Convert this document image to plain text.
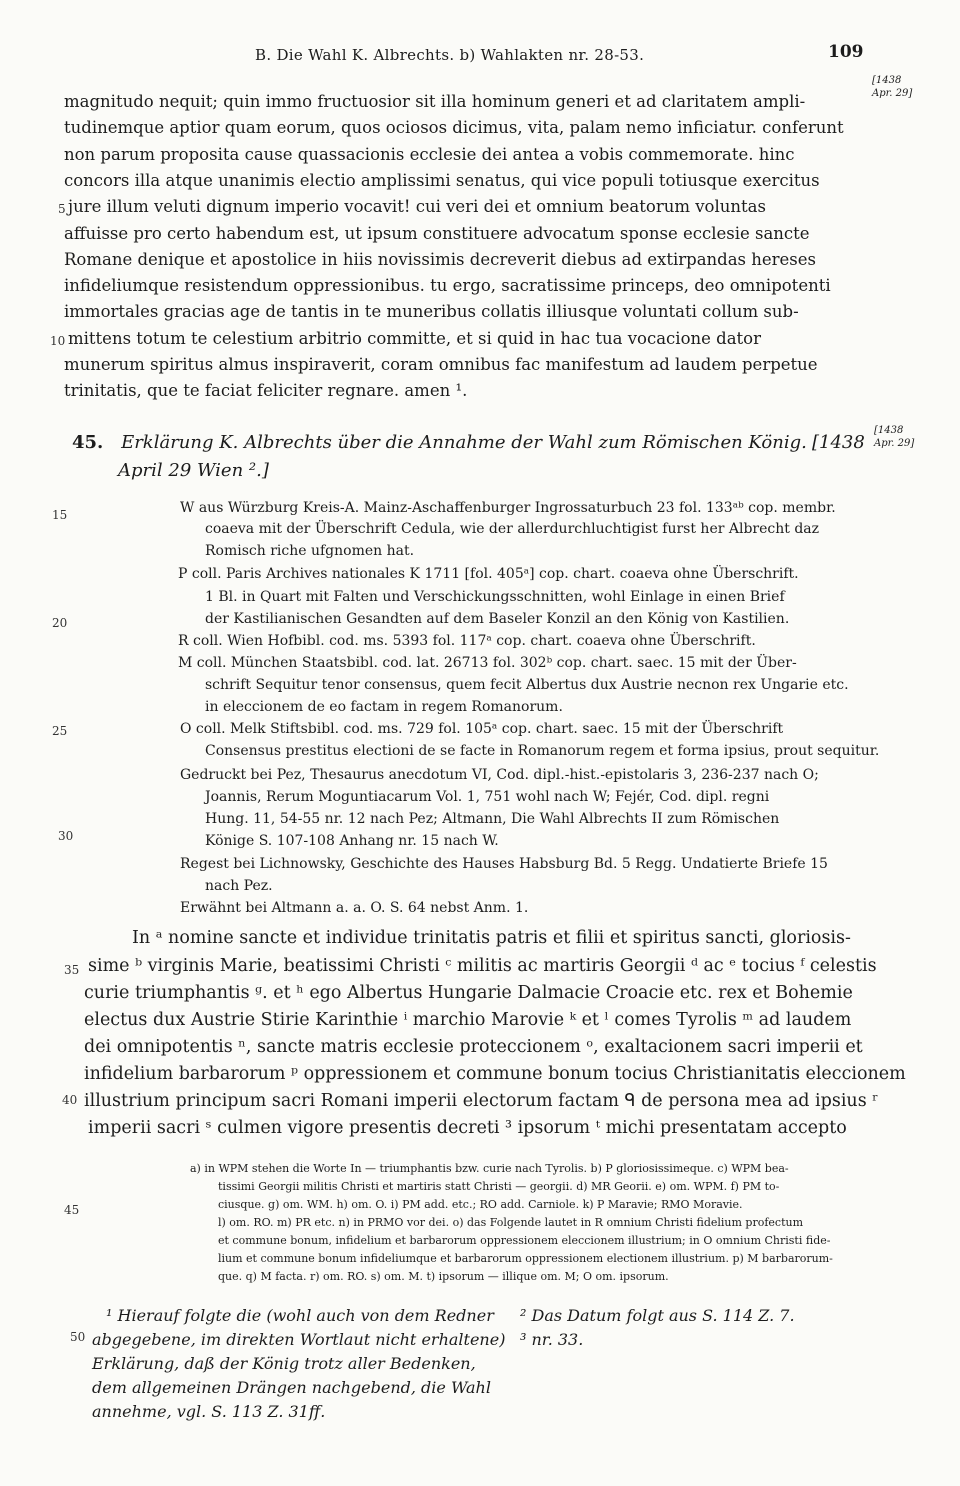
B. Die Wahl K. Albrechts. b) Wahlakten nr. 28-53.	109
[1438
Apr. 29]
magnitudo nequit; quin immo fructuosior sit illa hominum generi et ad claritatem ampli-
tudinemque aptior quam eorum, quos ociosos dicimus, vita, palam nemo inficiatur. conferunt
non parum proposita cause quassacionis ecclesie dei antea a vobis commemorate. hinc
concors illa atque unanimis electio amplissimi senatus, qui vice populi totiusque exercitus
jure illum veluti dignum imperio vocavit! cui veri dei et omnium beatorum voluntas
affuisse pro certo habendum est, ut ipsum constituere advocatum sponse ecclesie sancte
Romane denique et apostolice in hiis novissimis decreverit diebus ad extirpandas hereses
infideliumque resistendum oppressionibus. tu ergo, sacratissime princeps, deo omnipotenti
immortales gracias age de tantis in te muneribus collatis illiusque voluntati collum sub-
mittens totum te celestium arbitrio committe, et si quid in hac tua vocacione dator
munerum spiritus almus inspiraverit, coram omnibus fac manifestum ad laudem perpetue
trinitatis, que te faciat feliciter regnare. amen ¹.
5
10
15
20
25
30
35
40
45
50
45. Erklärung K. Albrechts über die Annahme der Wahl zum Römischen König. [1438
[1438
Apr. 29]
April 29 Wien ².]
W aus Würzburg Kreis-A. Mainz-Aschaffenburger Ingrossaturbuch 23 fol. 133ᵃᵇ cop. membr.
coaeva mit der Überschrift Cedula, wie der allerdurchluchtigist furst her Albrecht daz
Romisch riche ufgnomen hat.
P coll. Paris Archives nationales K 1711 [fol. 405ᵃ] cop. chart. coaeva ohne Überschrift.
1 Bl. in Quart mit Falten und Verschickungsschnitten, wohl Einlage in einen Brief
der Kastilianischen Gesandten auf dem Baseler Konzil an den König von Kastilien.
R coll. Wien Hofbibl. cod. ms. 5393 fol. 117ᵃ cop. chart. coaeva ohne Überschrift.
M coll. München Staatsbibl. cod. lat. 26713 fol. 302ᵇ cop. chart. saec. 15 mit der Über-
schrift Sequitur tenor consensus, quem fecit Albertus dux Austrie necnon rex Ungarie etc.
in eleccionem de eo factam in regem Romanorum.
O coll. Melk Stiftsbibl. cod. ms. 729 fol. 105ᵃ cop. chart. saec. 15 mit der Überschrift
Consensus prestitus electioni de se facte in Romanorum regem et forma ipsius, prout sequitur.
Gedruckt bei Pez, Thesaurus anecdotum VI, Cod. dipl.-hist.-epistolaris 3, 236-237 nach O;
Joannis, Rerum Moguntiacarum Vol. 1, 751 wohl nach W; Fejér, Cod. dipl. regni
Hung. 11, 54-55 nr. 12 nach Pez; Altmann, Die Wahl Albrechts II zum Römischen
Könige S. 107-108 Anhang nr. 15 nach W.
Regest bei Lichnowsky, Geschichte des Hauses Habsburg Bd. 5 Regg. Undatierte Briefe 15
nach Pez.
Erwähnt bei Altmann a. a. O. S. 64 nebst Anm. 1.
In ᵃ nomine sancte et individue trinitatis patris et filii et spiritus sancti, gloriosis-
sime ᵇ virginis Marie, beatissimi Christi ᶜ militis ac martiris Georgii ᵈ ac ᵉ tocius ᶠ celestis
curie triumphantis ᵍ. et ʰ ego Albertus Hungarie Dalmacie Croacie etc. rex et Bohemie
electus dux Austrie Stirie Karinthie ⁱ marchio Marovie ᵏ et ˡ comes Tyrolis ᵐ ad laudem
dei omnipotentis ⁿ, sancte matris ecclesie proteccionem ᵒ, exaltacionem sacri imperii et
infidelium barbarorum ᵖ oppressionem et commune bonum tocius Christianitatis eleccionem
illustrium principum sacri Romani imperii electorum factam ᑫ de persona mea ad ipsius ʳ
imperii sacri ˢ culmen vigore presentis decreti ³ ipsorum ᵗ michi presentatam accepto
a) in WPM stehen die Worte In — triumphantis bzw. curie nach Tyrolis. b) P gloriosissimeque. c) WPM bea-
tissimi Georgii militis Christi et martiris statt Christi — georgii. d) MR Georii. e) om. WPM. f) PM to-
ciusque. g) om. WM. h) om. O. i) PM add. etc.; RO add. Carniole. k) P Maravie; RMO Moravie.
l) om. RO. m) PR etc. n) in PRMO vor dei. o) das Folgende lautet in R omnium Christi fidelium profectum
et commune bonum, infidelium et barbarorum oppressionem eleccionem illustrium; in O omnium Christi fide-
lium et commune bonum infideliumque et barbarorum oppressionem electionem illustrium. p) M barbarorum-
que. q) M facta. r) om. RO. s) om. M. t) ipsorum — illique om. M; O om. ipsorum.
¹ Hierauf folgte die (wohl auch von dem Redner
abgegebene, im direkten Wortlaut nicht erhaltene)
Erklärung, daß der König trotz aller Bedenken,
dem allgemeinen Drängen nachgebend, die Wahl
annehme, vgl. S. 113 Z. 31ff.
² Das Datum folgt aus S. 114 Z. 7.
³ nr. 33.
